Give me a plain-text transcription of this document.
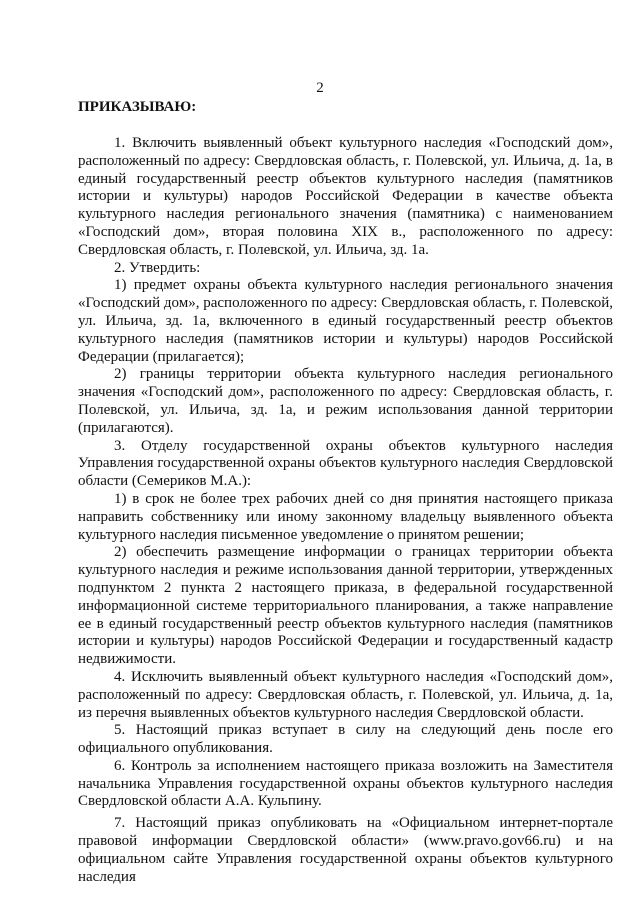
2
ПРИКАЗЫВАЮ:

1. Включить выявленный объект культурного наследия «Господский дом», расположенный по адресу: Свердловская область, г. Полевской, ул. Ильича, д. 1а, в единый государственный реестр объектов культурного наследия (памятников истории и культуры) народов Российской Федерации в качестве объекта культурного наследия регионального значения (памятника) с наименованием «Господский дом», вторая половина XIX в., расположенного по адресу: Свердловская область, г. Полевской, ул. Ильича, зд. 1а.

2. Утвердить:

1) предмет охраны объекта культурного наследия регионального значения «Господский дом», расположенного по адресу: Свердловская область, г. Полевской, ул. Ильича, зд. 1а, включенного в единый государственный реестр объектов культурного наследия (памятников истории и культуры) народов Российской Федерации (прилагается);

2) границы территории объекта культурного наследия регионального значения «Господский дом», расположенного по адресу: Свердловская область, г. Полевской, ул. Ильича, зд. 1а, и режим использования данной территории (прилагаются).

3. Отделу государственной охраны объектов культурного наследия Управления государственной охраны объектов культурного наследия Свердловской области (Семериков М.А.):

1) в срок не более трех рабочих дней со дня принятия настоящего приказа направить собственнику или иному законному владельцу выявленного объекта культурного наследия письменное уведомление о принятом решении;

2) обеспечить размещение информации о границах территории объекта культурного наследия и режиме использования данной территории, утвержденных подпунктом 2 пункта 2 настоящего приказа, в федеральной государственной информационной системе территориального планирования, а также направление ее в единый государственный реестр объектов культурного наследия (памятников истории и культуры) народов Российской Федерации и государственный кадастр недвижимости.

4. Исключить выявленный объект культурного наследия «Господский дом», расположенный по адресу: Свердловская область, г. Полевской, ул. Ильича, д. 1а, из перечня выявленных объектов культурного наследия Свердловской области.

5. Настоящий приказ вступает в силу на следующий день после его официального опубликования.

6. Контроль за исполнением настоящего приказа возложить на Заместителя начальника Управления государственной охраны объектов культурного наследия Свердловской области А.А. Кульпину.

7. Настоящий приказ опубликовать на «Официальном интернет-портале правовой информации Свердловской области» (www.pravo.gov66.ru) и на официальном сайте Управления государственной охраны объектов культурного наследия
